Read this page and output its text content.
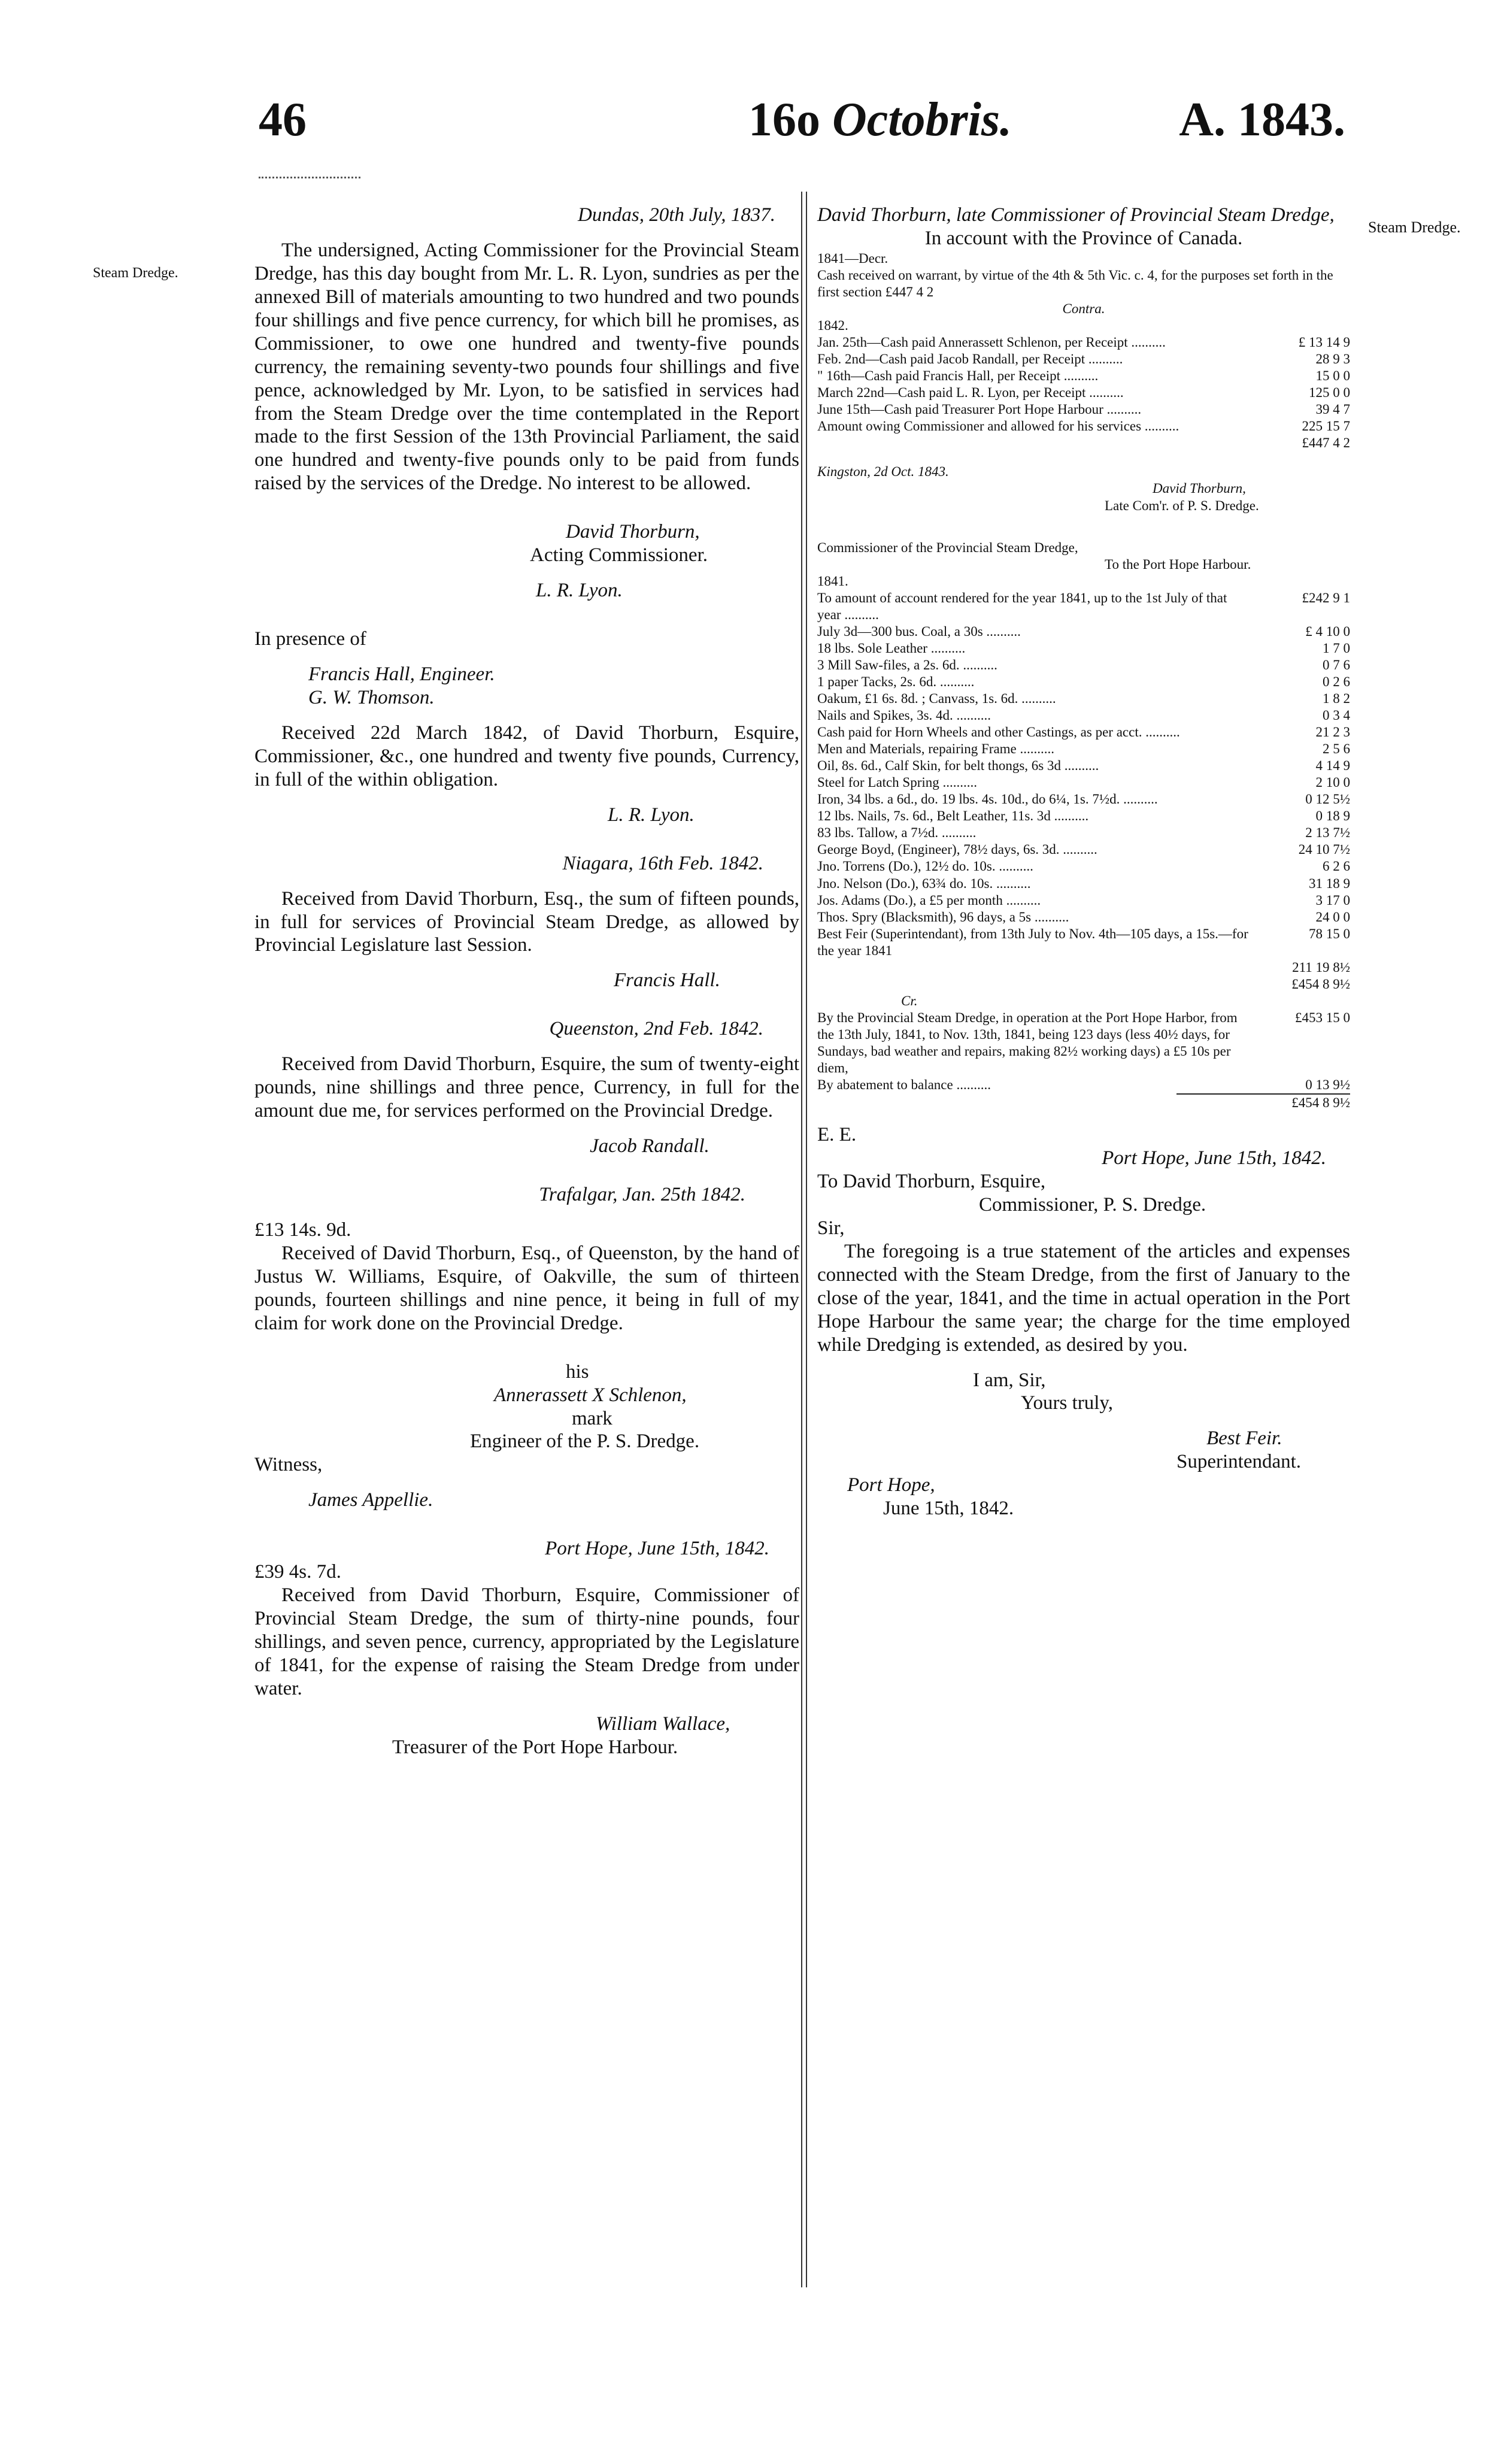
46	16o Octobris.	A. 1843.
Steam Dredge.
Steam Dredge.

Dundas, 20th July, 1837.

The undersigned, Acting Commissioner for the Provincial Steam Dredge, has this day bought from Mr. L. R. Lyon, sundries as per the annexed Bill of materials amounting to two hundred and two pounds four shillings and five pence currency, for which bill he promises, as Commissioner, to owe one hundred and twenty-five pounds currency, the remaining seventy-two pounds four shillings and five pence, acknowledged by Mr. Lyon, to be satisfied in services had from the Steam Dredge over the time contemplated in the Report made to the first Session of the 13th Provincial Parliament, the said one hundred and twenty-five pounds only to be paid from funds raised by the services of the Dredge. No interest to be allowed.

David Thorburn,

Acting Commissioner.

L. R. Lyon.

In presence of

Francis Hall, Engineer.

G. W. Thomson.

Received 22d March 1842, of David Thorburn, Esquire, Commissioner, &c., one hundred and twenty five pounds, Currency, in full of the within obligation.

L. R. Lyon.

Niagara, 16th Feb. 1842.

Received from David Thorburn, Esq., the sum of fifteen pounds, in full for services of Provincial Steam Dredge, as allowed by Provincial Legislature last Session.

Francis Hall.

Queenston, 2nd Feb. 1842.

Received from David Thorburn, Esquire, the sum of twenty-eight pounds, nine shillings and three pence, Currency, in full for the amount due me, for services performed on the Provincial Dredge.

Jacob Randall.

Trafalgar, Jan. 25th 1842.

£13 14s. 9d.

Received of David Thorburn, Esq., of Queenston, by the hand of Justus W. Williams, Esquire, of Oakville, the sum of thirteen pounds, fourteen shillings and nine pence, it being in full of my claim for work done on the Provincial Dredge.

his

Annerassett X Schlenon,

mark

Engineer of the P. S. Dredge.

Witness,

James Appellie.

Port Hope, June 15th, 1842.

£39 4s. 7d.

Received from David Thorburn, Esquire, Commissioner of Provincial Steam Dredge, the sum of thirty-nine pounds, four shillings, and seven pence, currency, appropriated by the Legislature of 1841, for the expense of raising the Steam Dredge from under water.

William Wallace,

Treasurer of the Port Hope Harbour.

David Thorburn, late Commissioner of Provincial Steam Dredge,

In account with the Province of Canada.

1841—Decr.

Cash received on warrant, by virtue of the 4th & 5th Vic. c. 4, for the purposes set forth in the first section £447 4 2

Contra.

1842.

Jan. 25th—Cash paid Annerassett Schlenon, per Receipt ..........	£ 13 14 9
Feb. 2nd—Cash paid Jacob Randall, per Receipt ..........	28 9 3
" 16th—Cash paid Francis Hall, per Receipt ..........	15 0 0
March 22nd—Cash paid L. R. Lyon, per Receipt ..........	125 0 0
June 15th—Cash paid Treasurer Port Hope Harbour ..........	39 4 7
Amount owing Commissioner and allowed for his services ..........	225 15 7

£447 4 2

Kingston, 2d Oct. 1843.

David Thorburn,

Late Com'r. of P. S. Dredge.

Commissioner of the Provincial Steam Dredge,

To the Port Hope Harbour.

1841.

To amount of account rendered for the year 1841, up to the 1st July of that year ..........
£242 9 1
July 3d—300 bus. Coal, a 30s ..........	£ 4 10 0
18 lbs. Sole Leather ..........	1 7 0
3 Mill Saw-files, a 2s. 6d. ..........	0 7 6
1 paper Tacks, 2s. 6d. ..........	0 2 6
Oakum, £1 6s. 8d. ; Canvass, 1s. 6d. ..........	1 8 2
Nails and Spikes, 3s. 4d. ..........	0 3 4
Cash paid for Horn Wheels and other Castings, as per acct. ..........	21 2 3
Men and Materials, repairing Frame ..........	2 5 6
Oil, 8s. 6d., Calf Skin, for belt thongs, 6s 3d ..........	4 14 9
Steel for Latch Spring ..........	2 10 0
Iron, 34 lbs. a 6d., do. 19 lbs. 4s. 10d., do 6¼, 1s. 7½d. ..........	0 12 5½
12 lbs. Nails, 7s. 6d., Belt Leather, 11s. 3d ..........	0 18 9
83 lbs. Tallow, a 7½d. ..........	2 13 7½
George Boyd, (Engineer), 78½ days, 6s. 3d. ..........	24 10 7½
Jno. Torrens (Do.), 12½ do. 10s. ..........	6 2 6
Jno. Nelson (Do.), 63¾ do. 10s. ..........	31 18 9
Jos. Adams (Do.), a £5 per month ..........	3 17 0
Thos. Spry (Blacksmith), 96 days, a 5s ..........	24 0 0
Best Feir (Superintendant), from 13th July to Nov. 4th—105 days, a 15s.—for the year 1841
78 15 0

211 19 8½

£454 8 9½

Cr.

By the Provincial Steam Dredge, in operation at the Port Hope Harbor, from the 13th July, 1841, to Nov. 13th, 1841, being 123 days (less 40½ days, for Sundays, bad weather and repairs, making 82½ working days) a £5 10s per diem,
£453 15 0
By abatement to balance ..........	0 13 9½

£454 8 9½

E. E.

Port Hope, June 15th, 1842.

To David Thorburn, Esquire,

Commissioner, P. S. Dredge.

Sir,

The foregoing is a true statement of the articles and expenses connected with the Steam Dredge, from the first of January to the close of the year, 1841, and the time in actual operation in the Port Hope Harbour the same year; the charge for the time employed while Dredging is extended, as desired by you.

I am, Sir,

Yours truly,

Best Feir.

Superintendant.

Port Hope,

June 15th, 1842.
